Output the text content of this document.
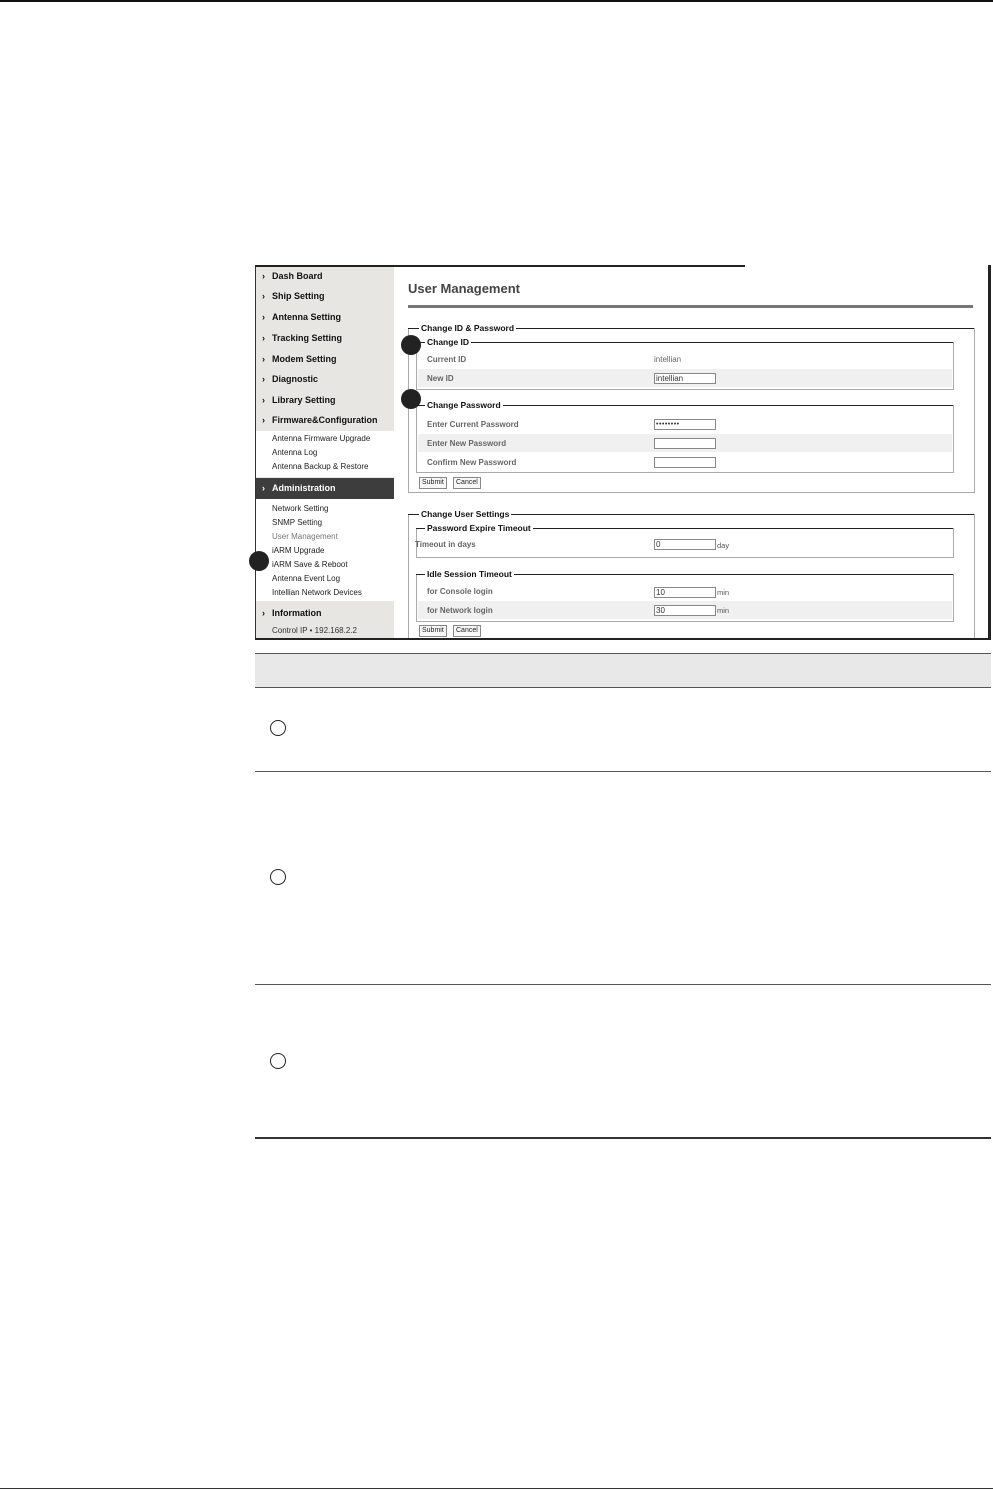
› Dash Board
› Ship Setting
› Antenna Setting
› Tracking Setting
› Modem Setting
› Diagnostic
› Library Setting
› Firmware&Configuration
Antenna Firmware Upgrade
Antenna Log
Antenna Backup & Restore
› Administration
Network Setting
SNMP Setting
User Management
iARM Upgrade
iARM Save & Reboot
Antenna Event Log
Intellian Network Devices
› Information
Control IP • 192.168.2.2
User Management
Change ID & Password
Current ID	intellian
New ID	intellian
Change ID
Enter Current Password	••••••••
Enter New Password
Confirm New Password
Change Password
Submit	Cancel
Change User Settings
Timeout in days	0	day
Password Expire Timeout
for Console login	10	min
for Network login	30	min
Idle Session Timeout
Submit	Cancel
